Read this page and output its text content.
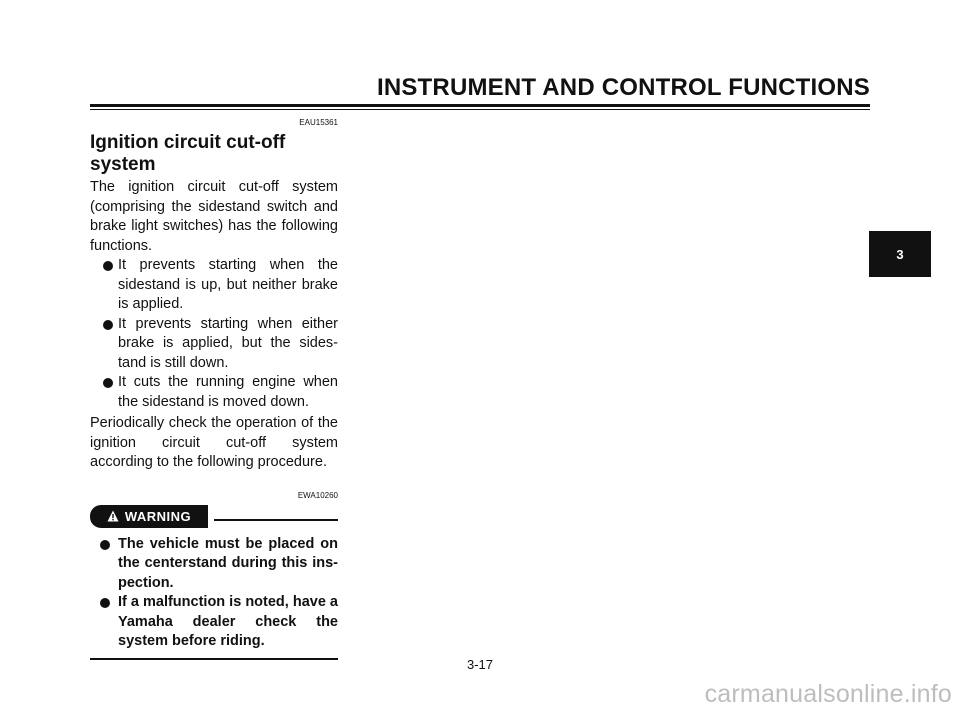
INSTRUMENT AND CONTROL FUNCTIONS
3
EAU15361
Ignition circuit cut-off
system

The ignition circuit cut-off system (comprising the sidestand switch and brake light switches) has the following functions.

It prevents starting when the sidestand is up, but neither brake is applied.
It prevents starting when either brake is applied, but the sides-tand is still down.
It cuts the running engine when the sidestand is moved down.

Periodically check the operation of the ignition circuit cut-off system according to the following procedure.

EWA10260
WARNING
The vehicle must be placed on the centerstand during this ins-pection.
If a malfunction is noted, have a Yamaha dealer check the system before riding.
3-17
carmanualsonline.info
